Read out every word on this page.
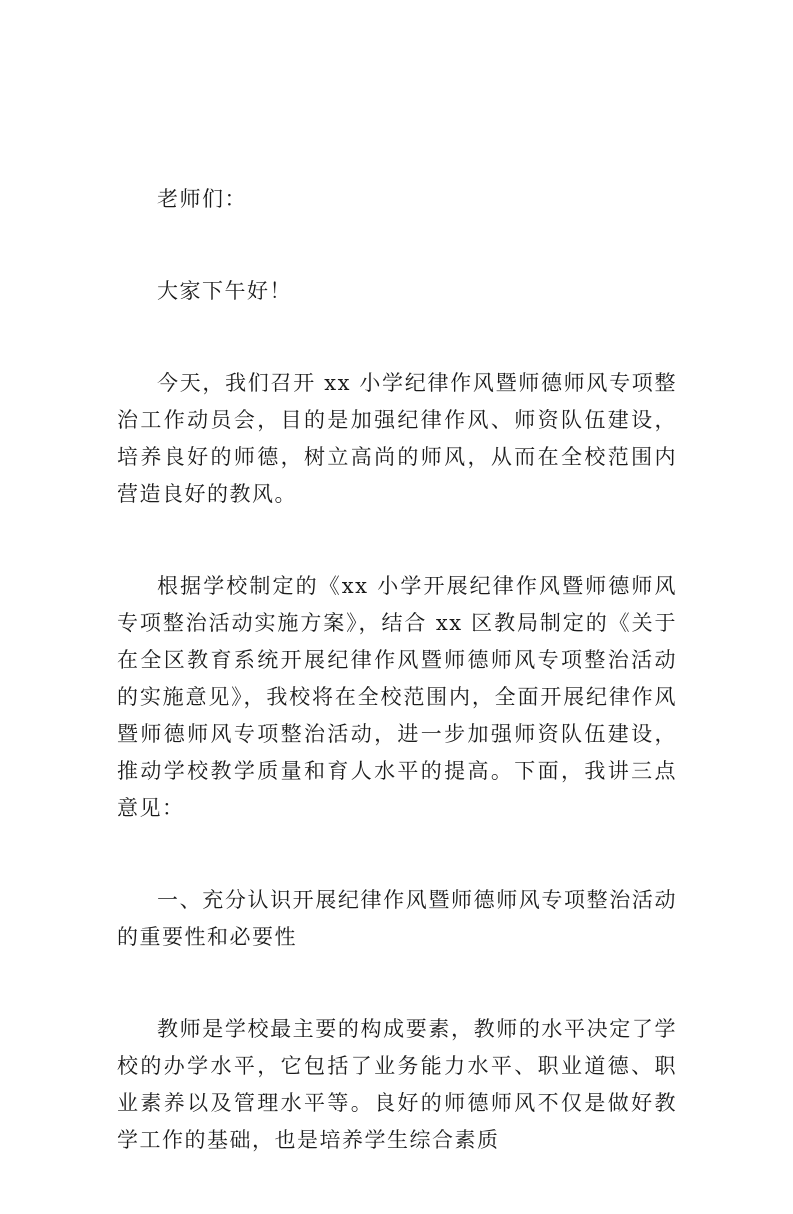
老师们：

大家下午好！

今天，我们召开 xx 小学纪律作风暨师德师风专项整治工作动员会，目的是加强纪律作风、师资队伍建设，培养良好的师德，树立高尚的师风，从而在全校范围内营造良好的教风。

根据学校制定的《xx 小学开展纪律作风暨师德师风专项整治活动实施方案》，结合 xx 区教局制定的《关于在全区教育系统开展纪律作风暨师德师风专项整治活动的实施意见》，我校将在全校范围内，全面开展纪律作风暨师德师风专项整治活动，进一步加强师资队伍建设，推动学校教学质量和育人水平的提高。下面，我讲三点意见：

一、充分认识开展纪律作风暨师德师风专项整治活动的重要性和必要性

教师是学校最主要的构成要素，教师的水平决定了学校的办学水平，它包括了业务能力水平、职业道德、职业素养以及管理水平等。良好的师德师风不仅是做好教学工作的基础，也是培养学生综合素质
